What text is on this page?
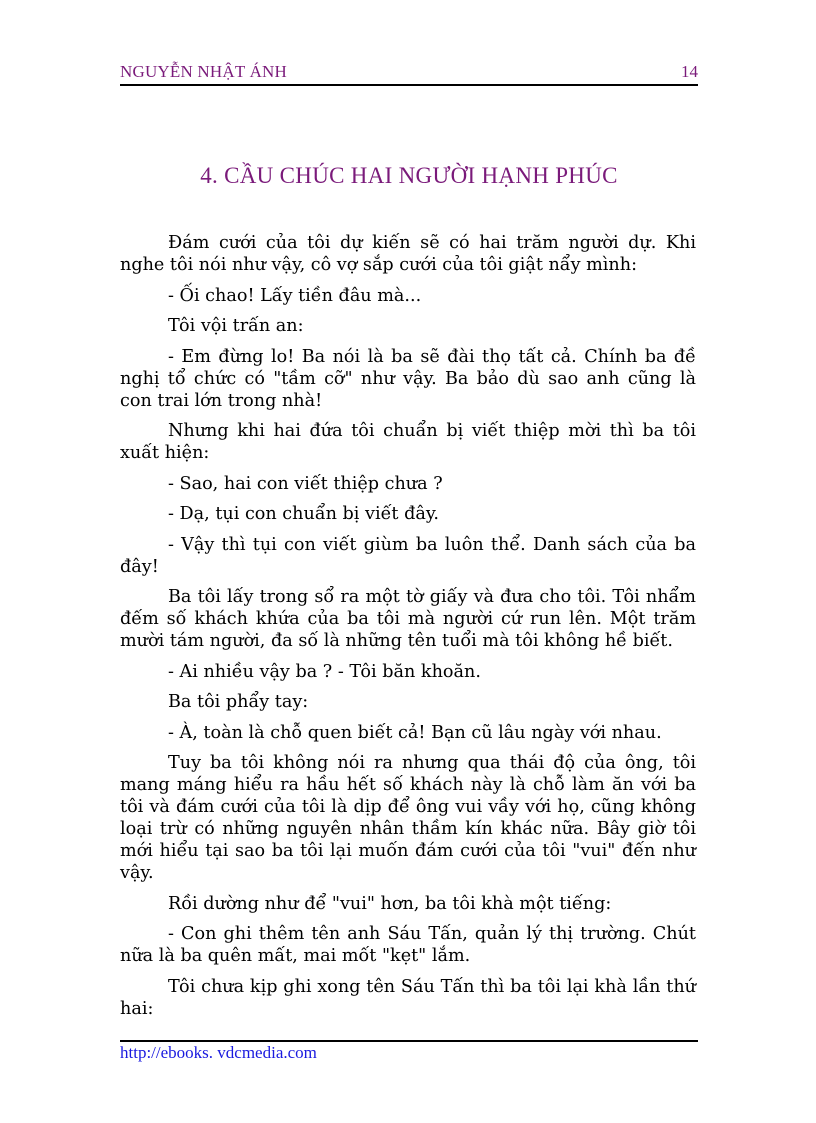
NGUYỄN NHẬT ÁNH	14
4. CẦU CHÚC HAI NGƯỜI HẠNH PHÚC

Đám cưới của tôi dự kiến sẽ có hai trăm người dự. Khi nghe tôi nói như vậy, cô vợ sắp cưới của tôi giật nẩy mình:

- Ối chao! Lấy tiền đâu mà...

Tôi vội trấn an:

- Em đừng lo! Ba nói là ba sẽ đài thọ tất cả. Chính ba đề nghị tổ chức có "tầm cỡ" như vậy. Ba bảo dù sao anh cũng là con trai lớn trong nhà!

Nhưng khi hai đứa tôi chuẩn bị viết thiệp mời thì ba tôi xuất hiện:

- Sao, hai con viết thiệp chưa ?

- Dạ, tụi con chuẩn bị viết đây.

- Vậy thì tụi con viết giùm ba luôn thể. Danh sách của ba đây!

Ba tôi lấy trong sổ ra một tờ giấy và đưa cho tôi. Tôi nhẩm đếm số khách khứa của ba tôi mà người cứ run lên. Một trăm mười tám người, đa số là những tên tuổi mà tôi không hề biết.

- Ai nhiều vậy ba ? - Tôi băn khoăn.

Ba tôi phẩy tay:

- À, toàn là chỗ quen biết cả! Bạn cũ lâu ngày với nhau.

Tuy ba tôi không nói ra nhưng qua thái độ của ông, tôi mang máng hiểu ra hầu hết số khách này là chỗ làm ăn với ba tôi và đám cưới của tôi là dịp để ông vui vầy với họ, cũng không loại trừ có những nguyên nhân thầm kín khác nữa. Bây giờ tôi mới hiểu tại sao ba tôi lại muốn đám cưới của tôi "vui" đến như vậy.

Rồi dường như để "vui" hơn, ba tôi khà một tiếng:

- Con ghi thêm tên anh Sáu Tấn, quản lý thị trường. Chút nữa là ba quên mất, mai mốt "kẹt" lắm.

Tôi chưa kịp ghi xong tên Sáu Tấn thì ba tôi lại khà lần thứ hai:

http://ebooks. vdcmedia.com
